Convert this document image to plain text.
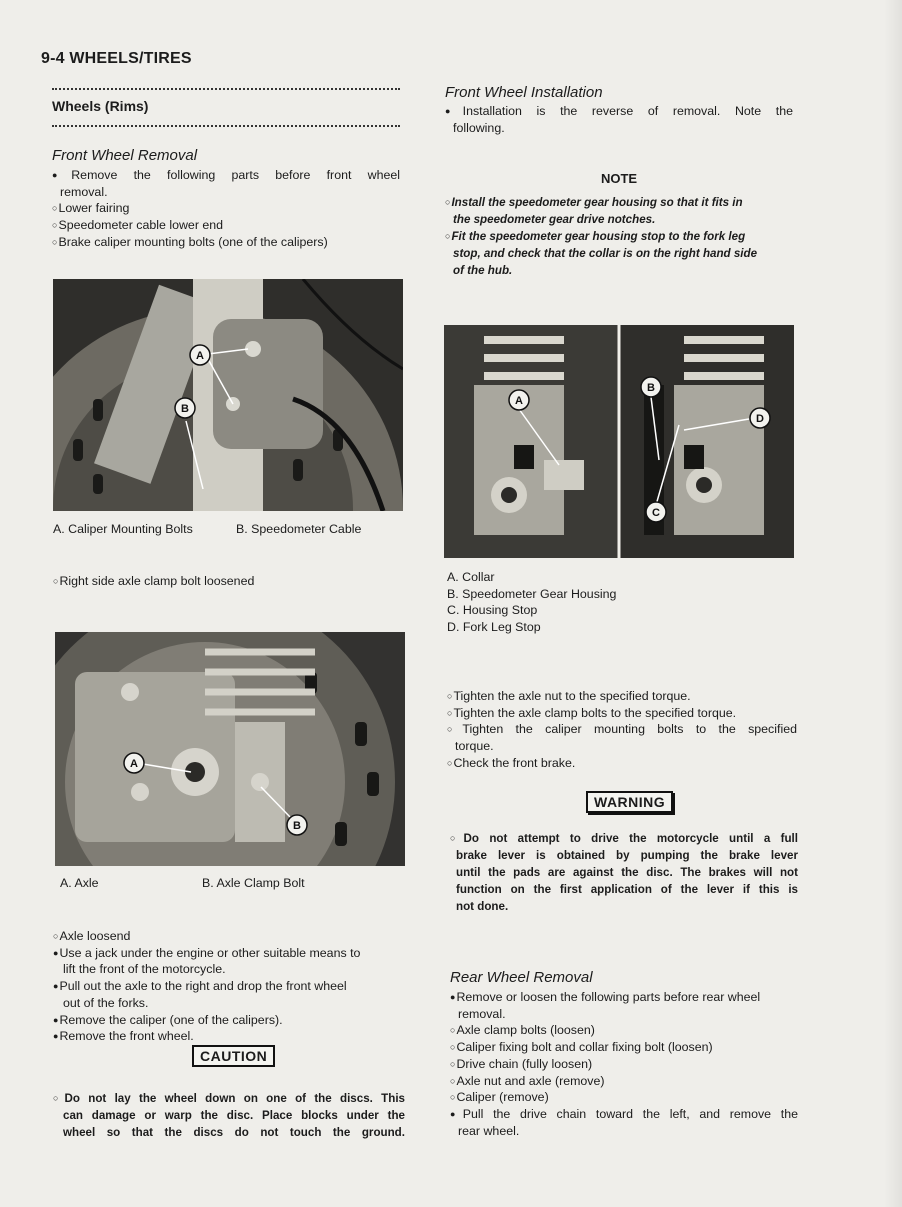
9-4 WHEELS/TIRES
Wheels (Rims)
Front Wheel Removal

● Remove the following parts before front wheel

removal.

○ Lower fairing

○ Speedometer cable lower end

○ Brake caliper mounting bolts (one of the calipers)

A
B
A. Caliper Mounting Bolts	B. Speedometer Cable
○ Right side axle clamp bolt loosened
A
B
A. Axle	B. Axle Clamp Bolt

○ Axle loosend

● Use a jack under the engine or other suitable means to

lift the front of the motorcycle.

● Pull out the axle to the right and drop the front wheel

out of the forks.

● Remove the caliper (one of the calipers).

● Remove the front wheel.

CAUTION

○ Do not lay the wheel down on one of the discs. This

can damage or warp the disc. Place blocks under the

wheel so that the discs do not touch the ground.

Front Wheel Installation

● Installation is the reverse of removal. Note the

following.

NOTE

○ Install the speedometer gear housing so that it fits in

the speedometer gear drive notches.

○ Fit the speedometer gear housing stop to the fork leg

stop, and check that the collar is on the right hand side

of the hub.

A
B
C
D
A. Collar
B. Speedometer Gear Housing
C. Housing Stop
D. Fork Leg Stop

○ Tighten the axle nut to the specified torque.

○ Tighten the axle clamp bolts to the specified torque.

○ Tighten the caliper mounting bolts to the specified

torque.

○ Check the front brake.

WARNING

○ Do not attempt to drive the motorcycle until a full

brake lever is obtained by pumping the brake lever

until the pads are against the disc. The brakes will not

function on the first application of the lever if this is

not done.

Rear Wheel Removal

● Remove or loosen the following parts before rear wheel

removal.

○ Axle clamp bolts (loosen)

○ Caliper fixing bolt and collar fixing bolt (loosen)

○ Drive chain (fully loosen)

○ Axle nut and axle (remove)

○ Caliper (remove)

● Pull the drive chain toward the left, and remove the

rear wheel.
